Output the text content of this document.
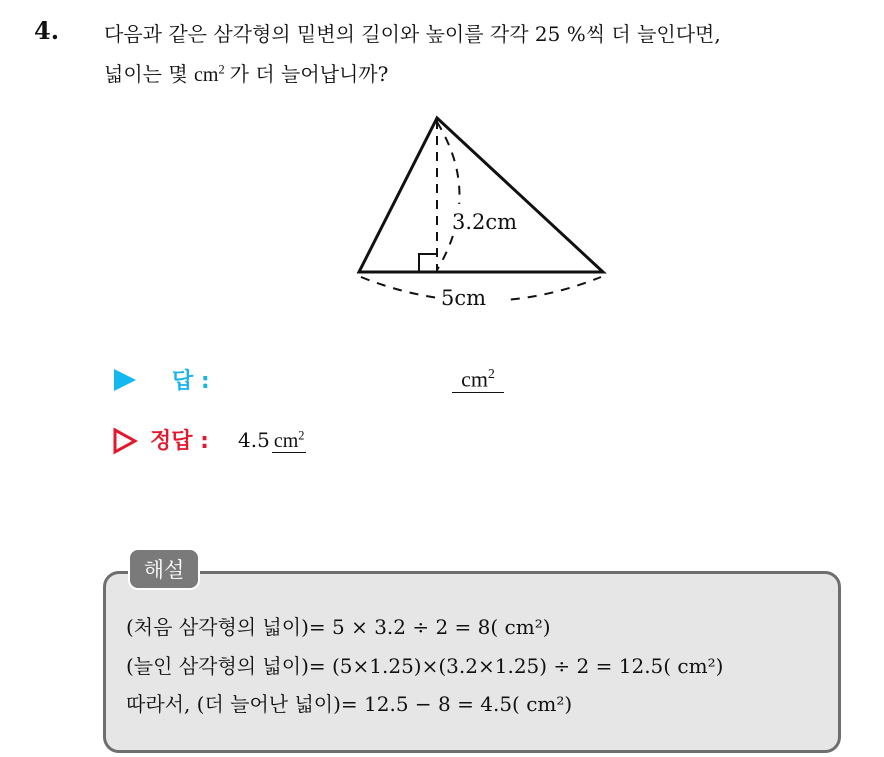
4. 다음과 같은 삼각형의 밑변의 길이와 높이를 각각 25 %씩 더 늘인다면,
넓이는 몇 $cm^2$ 가 더 늘어납니까?
3.2cm
5cm
답 :	$cm^2$
정답 : 4.5 $cm^2$
해설
(처음 삼각형의 넓이)= 5 × 3.2 ÷ 2 = 8( cm²)
(늘인 삼각형의 넓이)= (5×1.25)×(3.2×1.25) ÷ 2 = 12.5( cm²)
따라서, (더 늘어난 넓이)= 12.5 − 8 = 4.5( cm²)
